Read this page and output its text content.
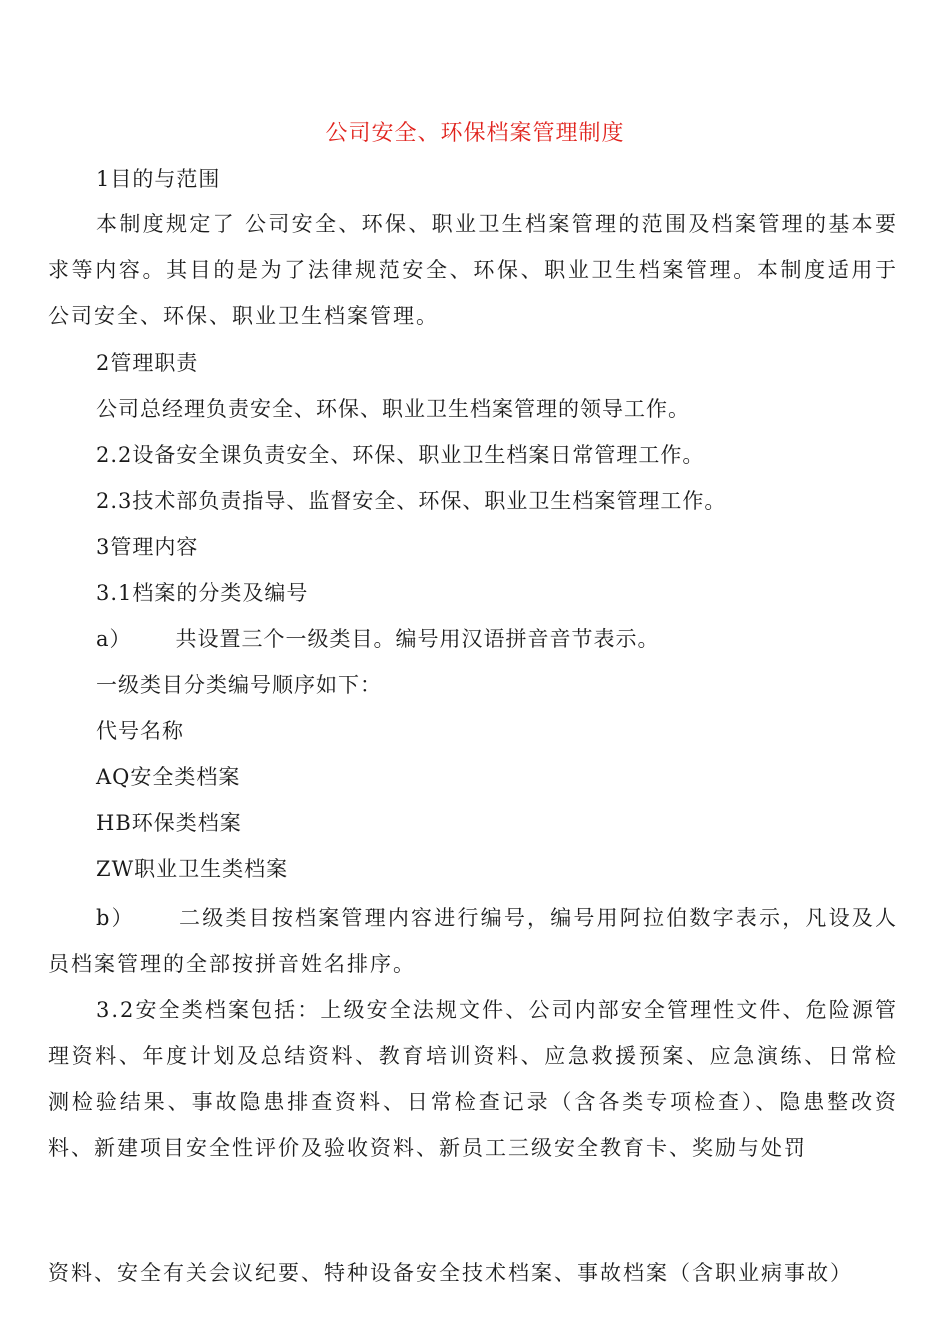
公司安全、环保档案管理制度
1目的与范围
本制度规定了 公司安全、环保、职业卫生档案管理的范围及档案管理的基本要求等内容。其目的是为了法律规范安全、环保、职业卫生档案管理。本制度适用于 公司安全、环保、职业卫生档案管理。
2管理职责
公司总经理负责安全、环保、职业卫生档案管理的领导工作。
2.2设备安全课负责安全、环保、职业卫生档案日常管理工作。
2.3技术部负责指导、监督安全、环保、职业卫生档案管理工作。
3管理内容
3.1档案的分类及编号
a） 共设置三个一级类目。编号用汉语拼音音节表示。
一级类目分类编号顺序如下：
代号名称
AQ安全类档案
HB环保类档案
ZW职业卫生类档案
b） 二级类目按档案管理内容进行编号，编号用阿拉伯数字表示，凡设及人员档案管理的全部按拼音姓名排序。
3.2安全类档案包括：上级安全法规文件、公司内部安全管理性文件、危险源管理资料、年度计划及总结资料、教育培训资料、应急救援预案、应急演练、日常检测检验结果、事故隐患排查资料、日常检查记录（含各类专项检查）、隐患整改资料、新建项目安全性评价及验收资料、新员工三级安全教育卡、奖励与处罚
资料、安全有关会议纪要、特种设备安全技术档案、事故档案（含职业病事故）
